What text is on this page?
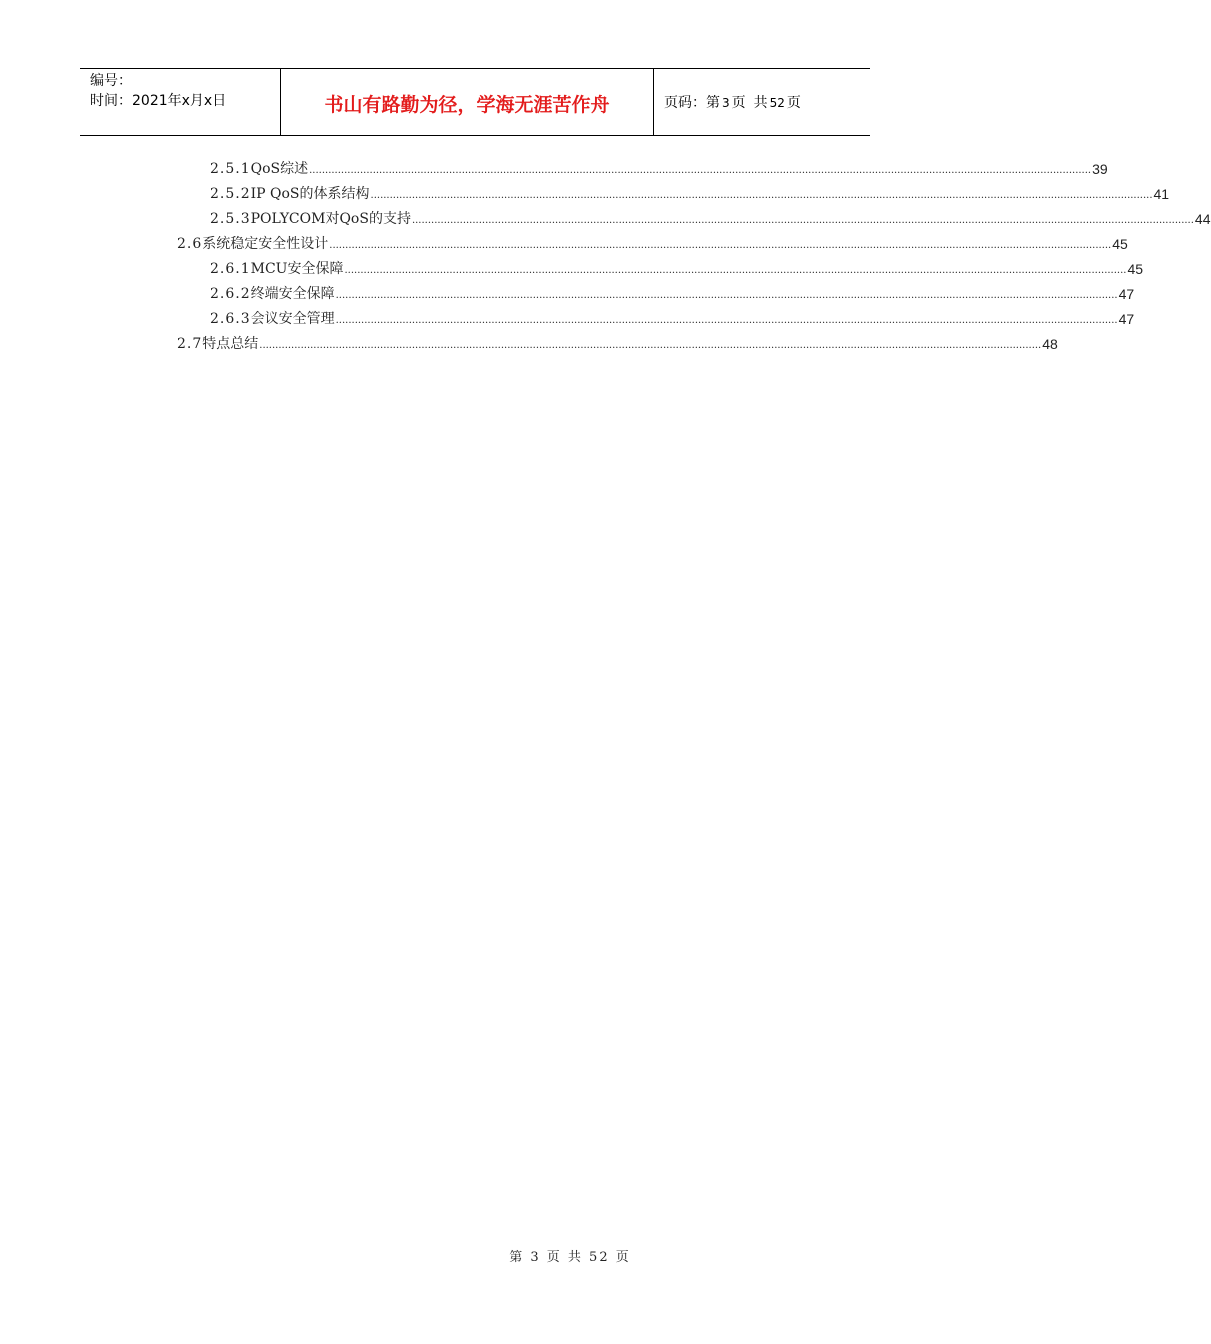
编号：
时间：2021年x月x日	书山有路勤为径，学海无涯苦作舟	页码：第 3 页 共 52 页
2.5.1 QoS综述 ...................................................................................................................................................................................................................................................... 39
2.5.2 IP QoS的体系结构 ...................................................................................................................................................................................................................................................... 41
2.5.3 POLYCOM对QoS的支持 ...................................................................................................................................................................................................................................................... 44
2.6 系统稳定安全性设计 ...................................................................................................................................................................................................................................................... 45
2.6.1 MCU安全保障 ...................................................................................................................................................................................................................................................... 45
2.6.2 终端安全保障 ...................................................................................................................................................................................................................................................... 47
2.6.3 会议安全管理 ...................................................................................................................................................................................................................................................... 47
2.7 特点总结 ...................................................................................................................................................................................................................................................... 48
第 3 页 共 52 页
